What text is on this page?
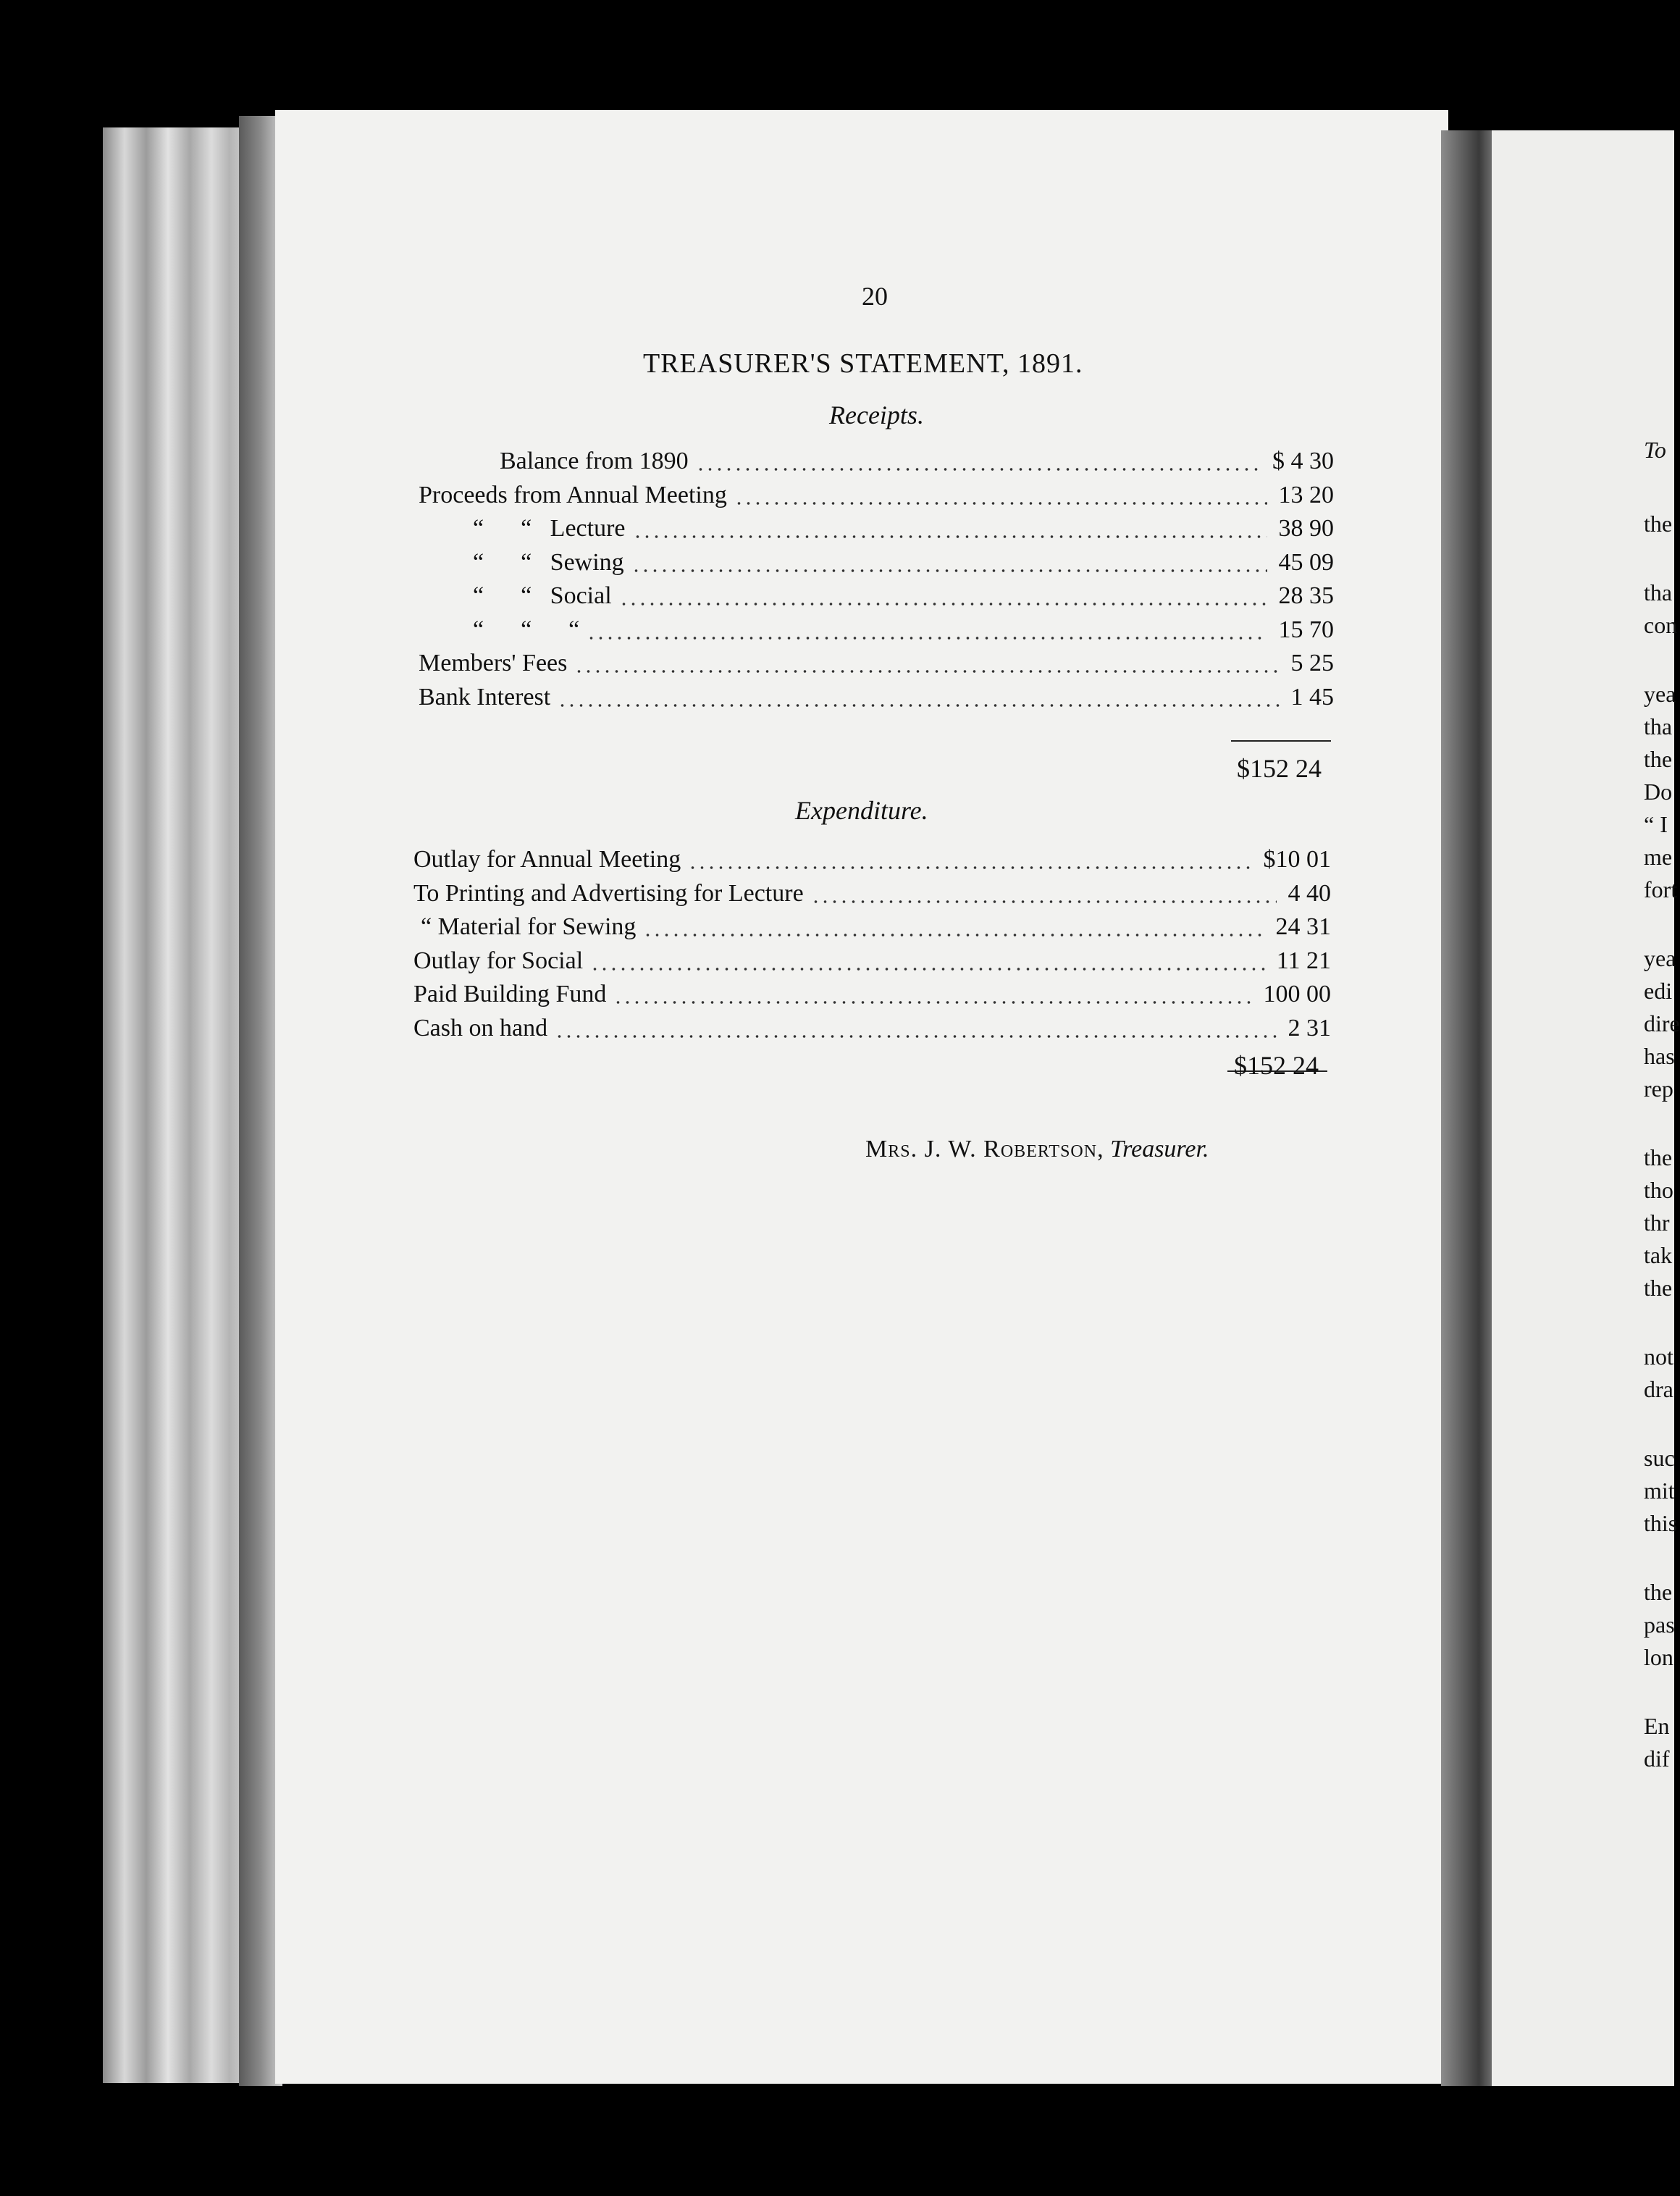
20
TREASURER'S STATEMENT, 1891.
Receipts.
Balance from 1890	$ 4 30
Proceeds from Annual Meeting	13 20
“      “   Lecture	38 90
“      “   Sewing	45 09
“      “   Social	28 35
“      “      “	15 70
Members' Fees	5 25
Bank Interest	1 45
$152 24
Expenditure.
Outlay for Annual Meeting	$10 01
To Printing and Advertising for Lecture	4 40
“ Material for Sewing	24 31
Outlay for Social	11 21
Paid Building Fund	100 00
Cash on hand	2 31
$152 24
Mrs. J. W. Robertson, Treasurer.
To
the
tha
con
yea
tha
the
Do
“ I
me
fort
yea
edi
dire
has
rep
the
tho
thr
tak
the
not
dra
suc
mit
this
the
pas
lon
En
dif
